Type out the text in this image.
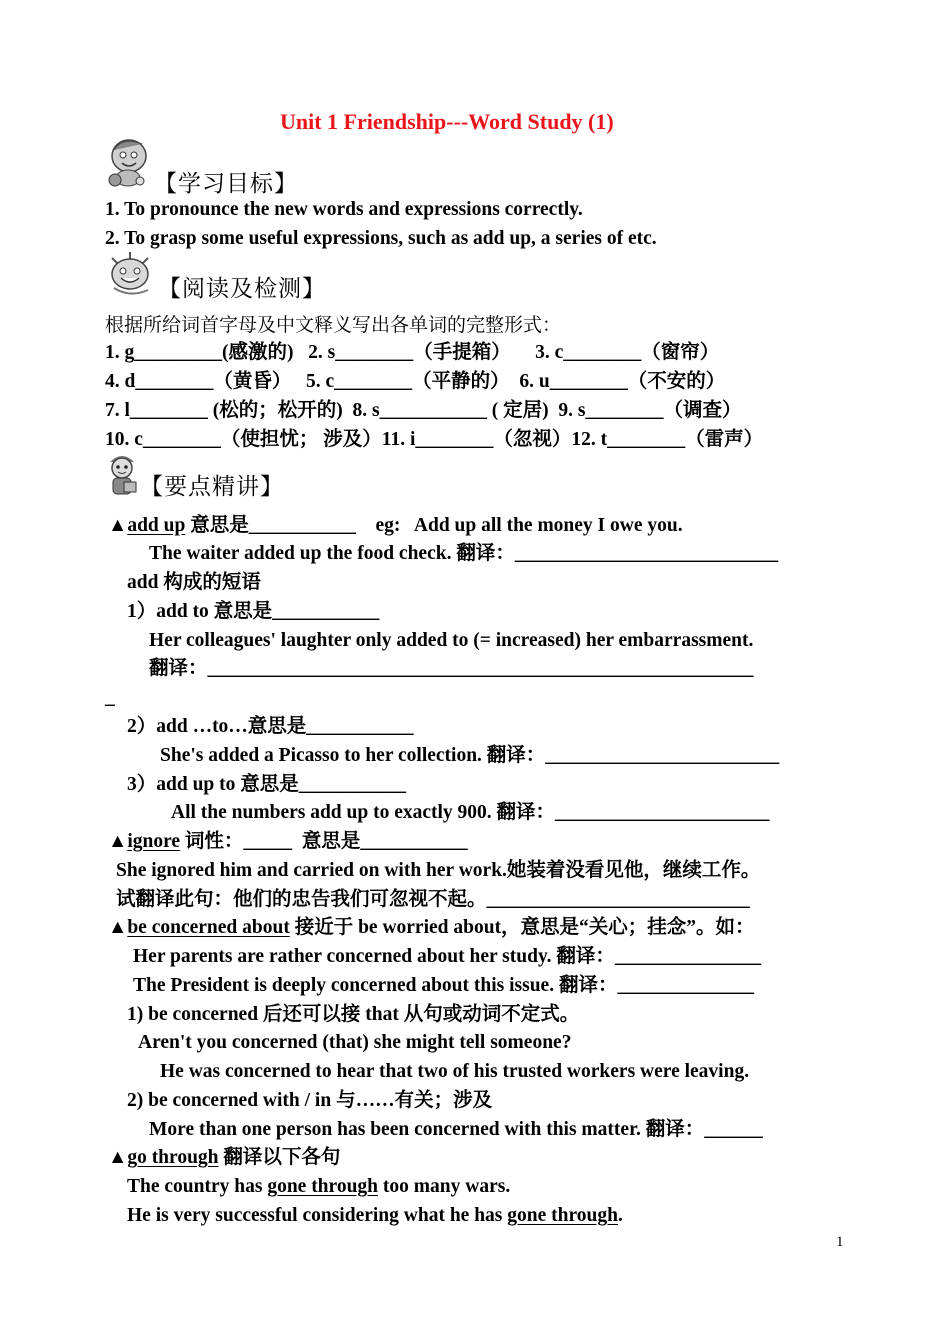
Unit 1 Friendship---Word Study (1)
【学习目标】
1. To pronounce the new words and expressions correctly.
2. To grasp some useful expressions, such as add up, a series of etc.
【阅读及检测】
根据所给词首字母及中文释义写出各单词的完整形式：
1. g_________(感激的)   2. s________（手提箱）     3. c________（窗帘）
4. d________（黄昏）   5. c________（平静的）  6. u________（不安的）
7. l________ (松的；松开的)  8. s___________ ( 定居)  9. s________（调查）
10. c________（使担忧； 涉及）11. i________（忽视）12. t________（雷声）
【要点精讲】
▲add up 意思是___________    eg:   Add up all the money I owe you.
The waiter added up the food check. 翻译：___________________________
add 构成的短语
1）add to 意思是___________
Her colleagues' laughter only added to (= increased) her embarrassment.
翻译：________________________________________________________
_
2）add …to…意思是___________
She's added a Picasso to her collection. 翻译：________________________
3）add up to 意思是___________
All the numbers add up to exactly 900. 翻译：______________________
▲ignore 词性：_____  意思是___________
She ignored him and carried on with her work.她装着没看见他，继续工作。
试翻译此句：他们的忠告我们可忽视不起。___________________________
▲be concerned about 接近于 be worried about，意思是“关心；挂念”。如：
Her parents are rather concerned about her study. 翻译：_______________
The President is deeply concerned about this issue. 翻译：______________
1) be concerned 后还可以接 that 从句或动词不定式。
Aren't you concerned (that) she might tell someone?
He was concerned to hear that two of his trusted workers were leaving.
2) be concerned with / in 与……有关；涉及
More than one person has been concerned with this matter. 翻译：______
▲go through 翻译以下各句
The country has gone through too many wars.
He is very successful considering what he has gone through.
1
